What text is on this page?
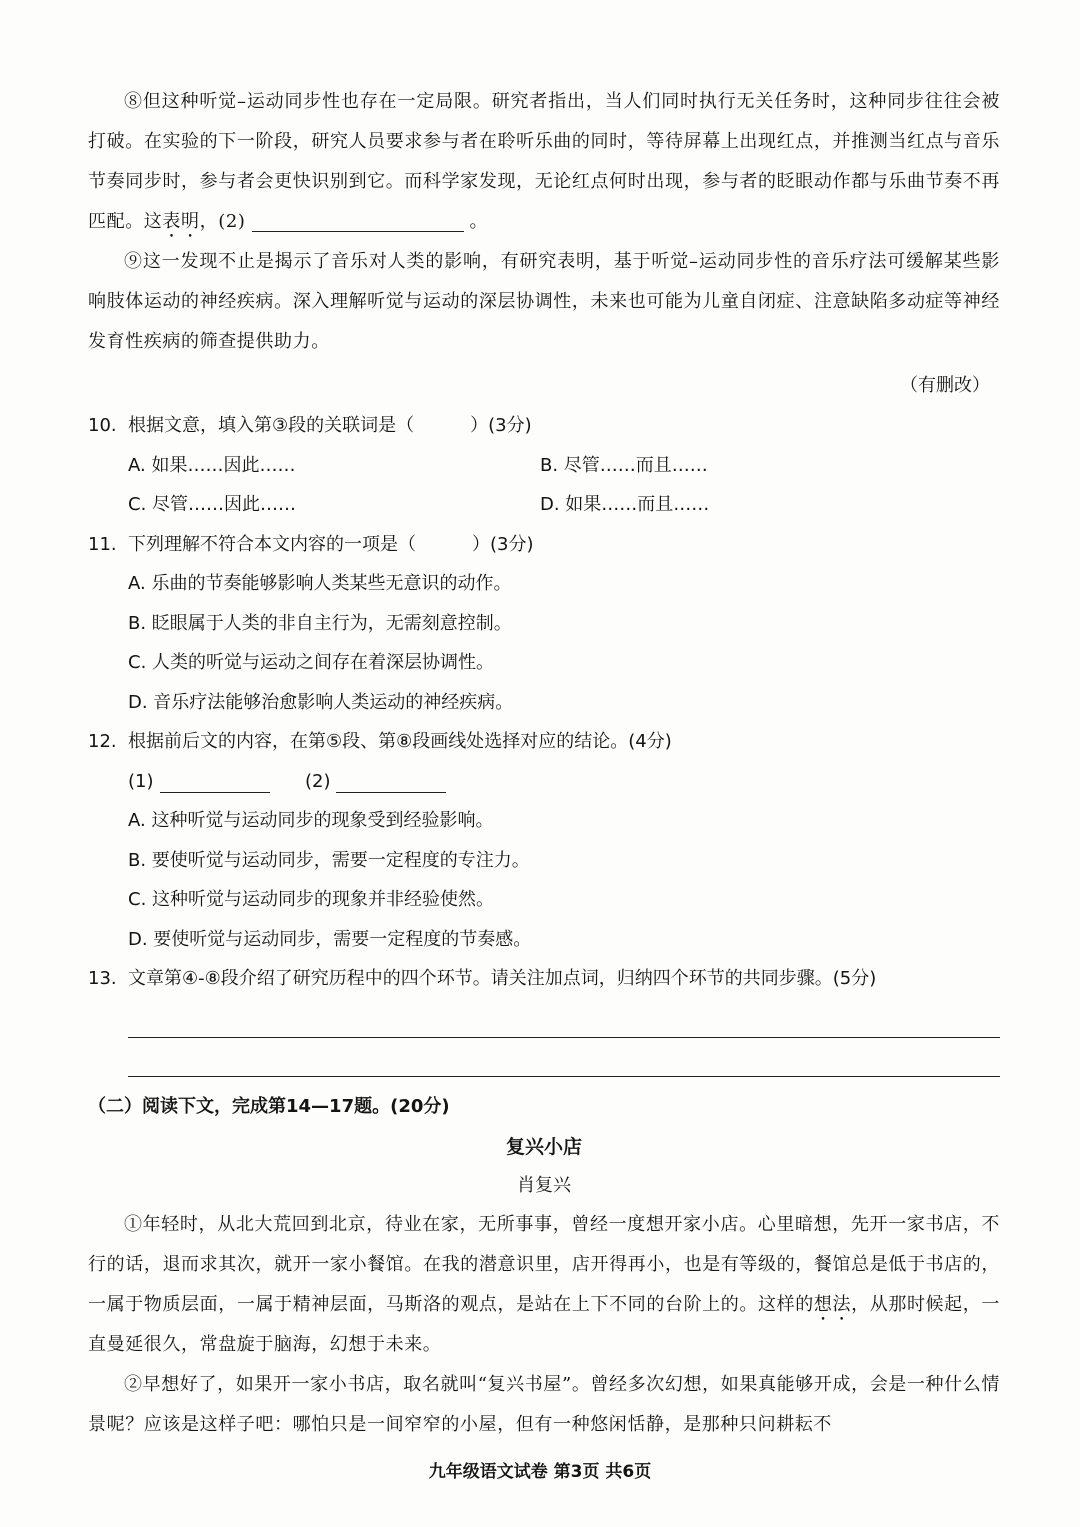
⑧但这种听觉–运动同步性也存在一定局限。研究者指出，当人们同时执行无关任务时，这种同步往往会被打破。在实验的下一阶段，研究人员要求参与者在聆听乐曲的同时，等待屏幕上出现红点，并推测当红点与音乐节奏同步时，参与者会更快识别到它。而科学家发现，无论红点何时出现，参与者的眨眼动作都与乐曲节奏不再匹配。这表明，(2)	。

⑨这一发现不止是揭示了音乐对人类的影响，有研究表明，基于听觉–运动同步性的音乐疗法可缓解某些影响肢体运动的神经疾病。深入理解听觉与运动的深层协调性，未来也可能为儿童自闭症、注意缺陷多动症等神经发育性疾病的筛查提供助力。

（有删改）

10. 根据文意，填入第③段的关联词是（	）(3分)
A. 如果……因此……	B. 尽管……而且……
C. 尽管……因此……	D. 如果……而且……
11. 下列理解不符合本文内容的一项是（	）(3分)
A. 乐曲的节奏能够影响人类某些无意识的动作。
B. 眨眼属于人类的非自主行为，无需刻意控制。
C. 人类的听觉与运动之间存在着深层协调性。
D. 音乐疗法能够治愈影响人类运动的神经疾病。
12. 根据前后文的内容，在第⑤段、第⑧段画线处选择对应的结论。(4分)
(1)	(2)
A. 这种听觉与运动同步的现象受到经验影响。
B. 要使听觉与运动同步，需要一定程度的专注力。
C. 这种听觉与运动同步的现象并非经验使然。
D. 要使听觉与运动同步，需要一定程度的节奏感。
13. 文章第④-⑧段介绍了研究历程中的四个环节。请关注加点词，归纳四个环节的共同步骤。(5分)
（二）阅读下文，完成第14—17题。(20分)
复兴小店
肖复兴

①年轻时，从北大荒回到北京，待业在家，无所事事，曾经一度想开家小店。心里暗想，先开一家书店，不行的话，退而求其次，就开一家小餐馆。在我的潜意识里，店开得再小，也是有等级的，餐馆总是低于书店的，一属于物质层面，一属于精神层面，马斯洛的观点，是站在上下不同的台阶上的。这样的想法，从那时候起，一直曼延很久，常盘旋于脑海，幻想于未来。

②早想好了，如果开一家小书店，取名就叫“复兴书屋”。曾经多次幻想，如果真能够开成，会是一种什么情景呢？应该是这样子吧：哪怕只是一间窄窄的小屋，但有一种悠闲恬静，是那种只问耕耘不

九年级语文试卷 第3页 共6页
